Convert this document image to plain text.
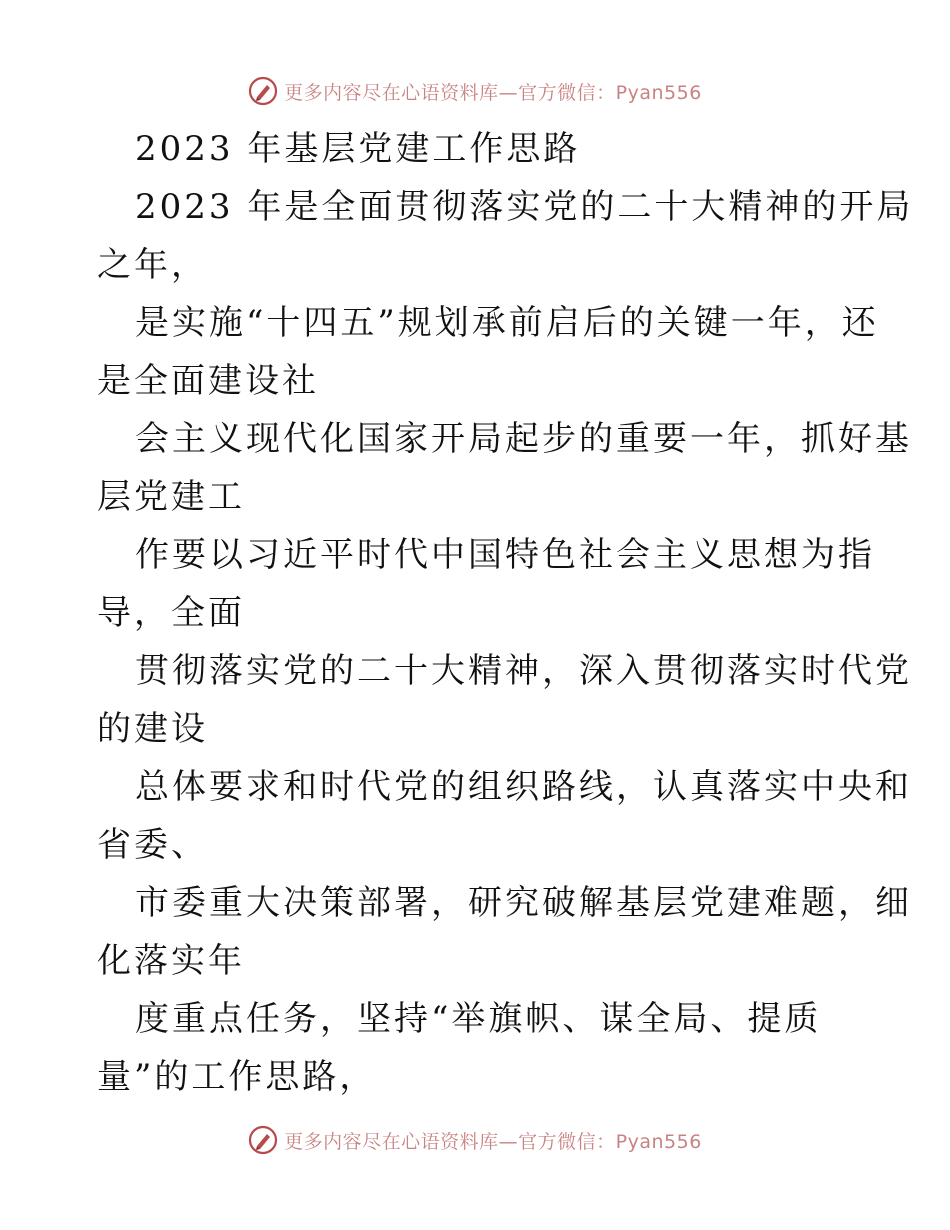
更多内容尽在心语资料库—官方微信：Pyan556
2023 年基层党建工作思路
2023 年是全面贯彻落实党的二十大精神的开局
之年，
是实施“十四五”规划承前启后的关键一年，还
是全面建设社
会主义现代化国家开局起步的重要一年，抓好基
层党建工
作要以习近平时代中国特色社会主义思想为指
导，全面
贯彻落实党的二十大精神，深入贯彻落实时代党
的建设
总体要求和时代党的组织路线，认真落实中央和
省委、
市委重大决策部署，研究破解基层党建难题，细
化落实年
度重点任务，坚持“举旗帜、谋全局、提质
量”的工作思路，
更多内容尽在心语资料库—官方微信：Pyan556
